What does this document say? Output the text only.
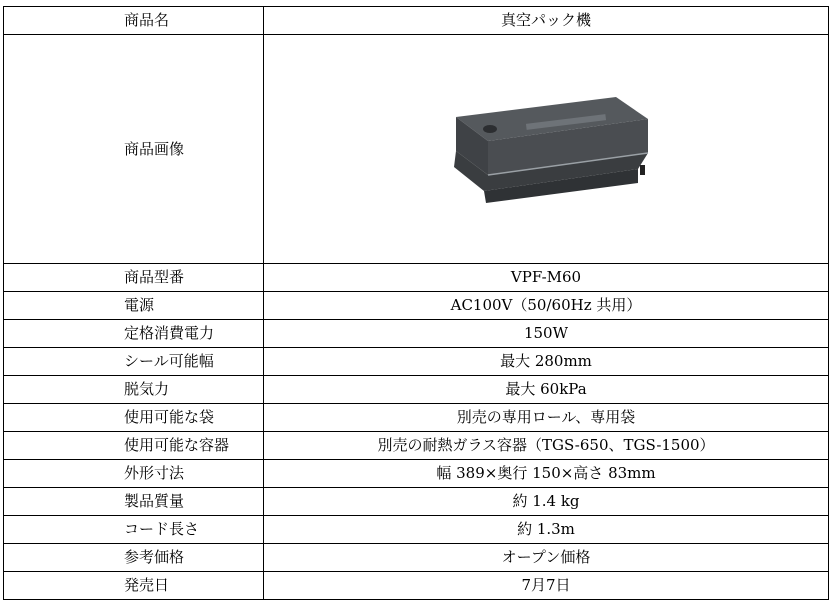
商品名	真空パック機
商品画像	

商品型番	VPF-M60
電源	AC100V（50/60Hz 共用）
定格消費電力	150W
シール可能幅	最大 280mm
脱気力	最大 60kPa
使用可能な袋	別売の専用ロール、専用袋
使用可能な容器	別売の耐熱ガラス容器（TGS-650、TGS-1500）
外形寸法	幅 389×奥行 150×高さ 83mm
製品質量	約 1.4 kg
コード長さ	約 1.3m
参考価格	オープン価格
発売日	7月7日
